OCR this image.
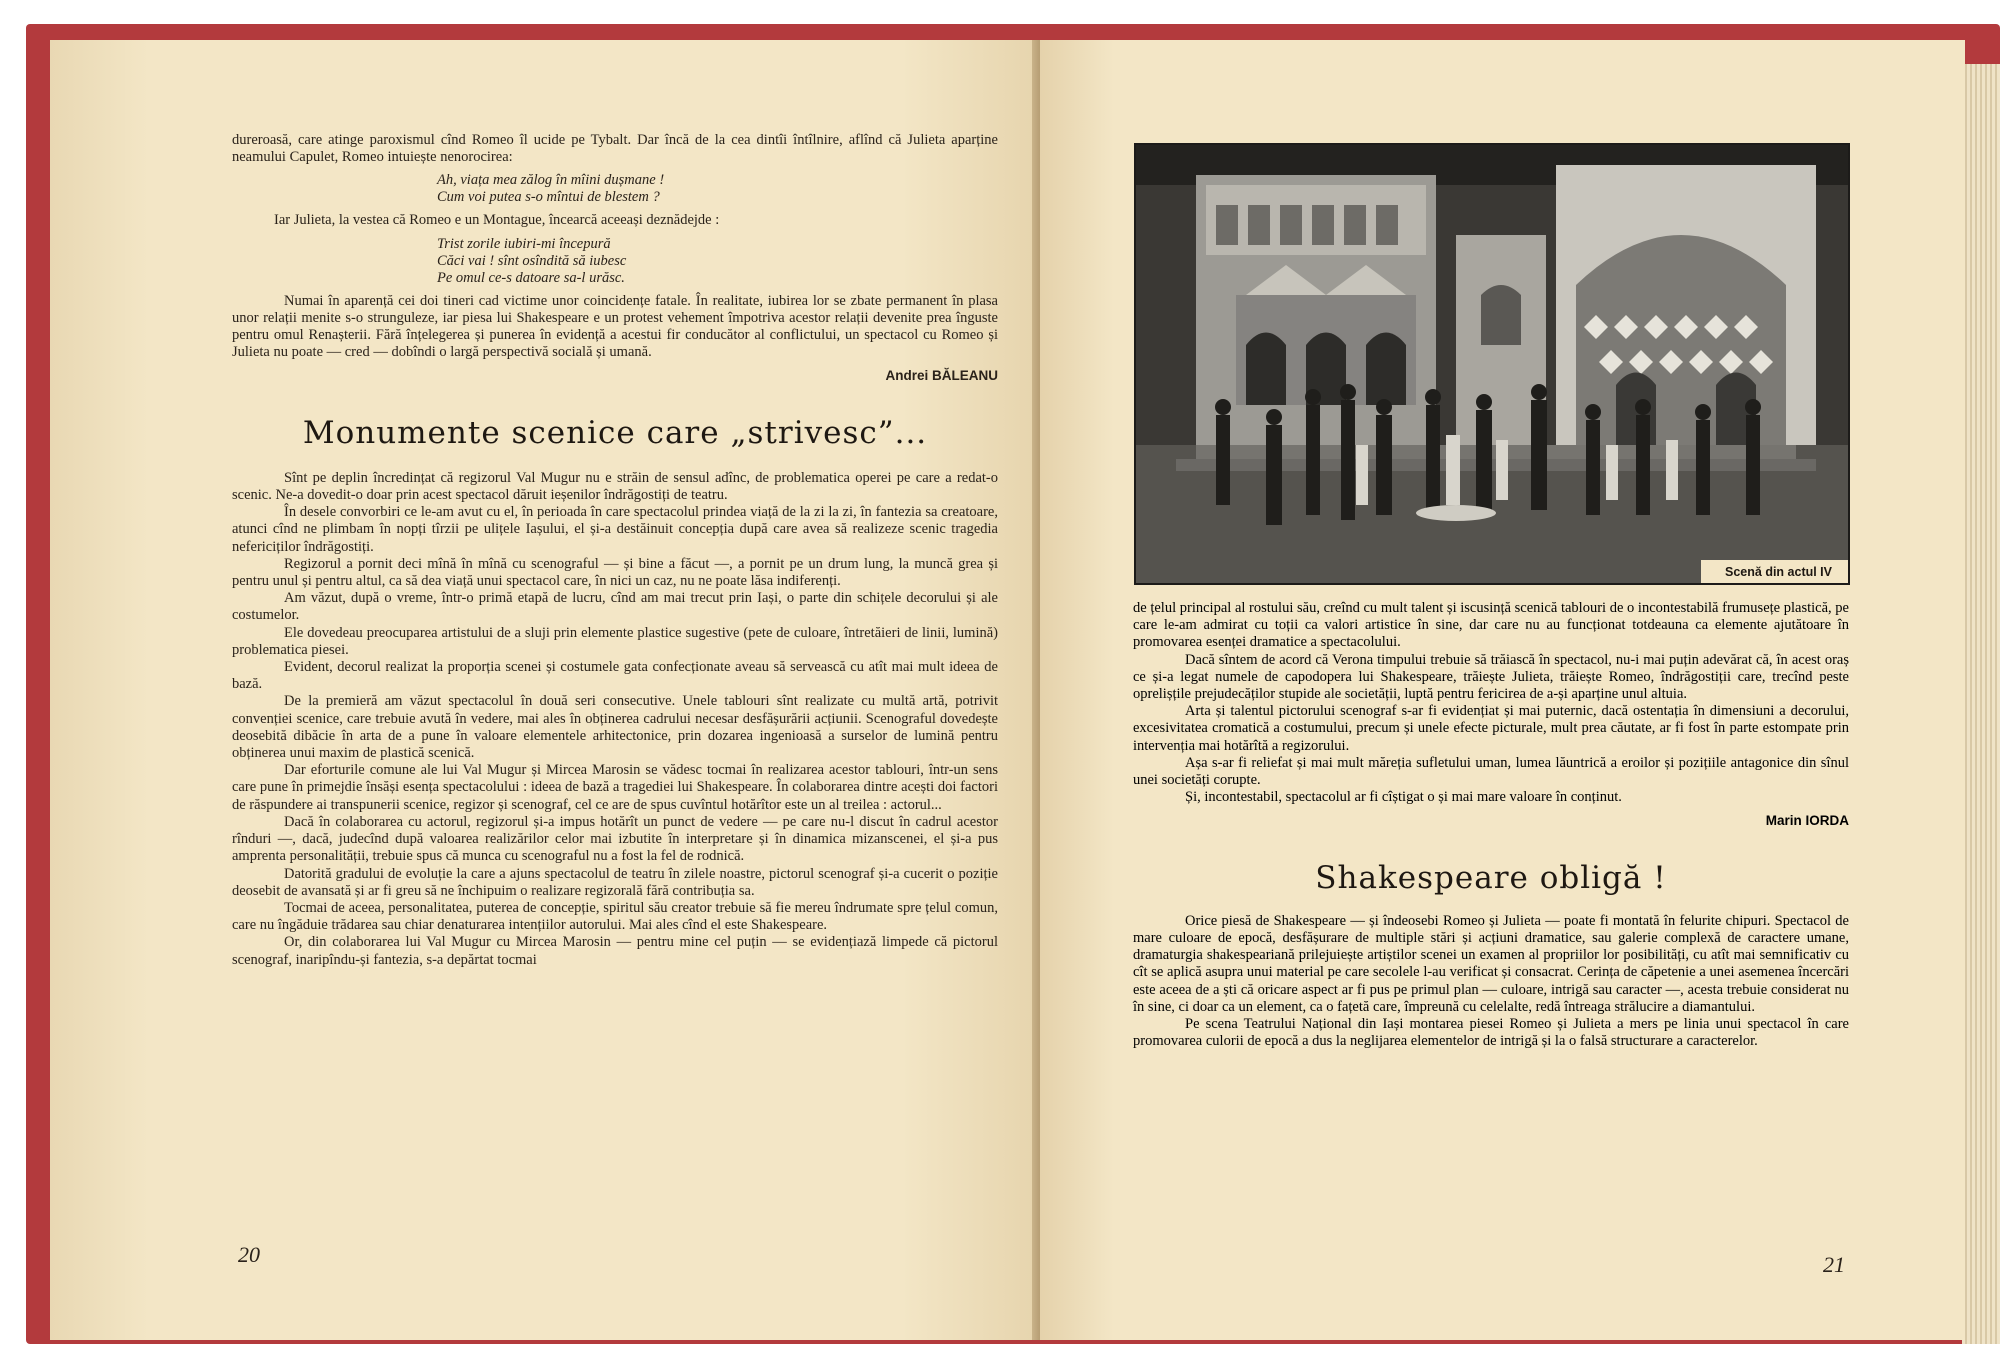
dureroasă, care atinge paroxismul cînd Romeo îl ucide pe Tybalt. Dar încă de la cea dintîi întîlnire, aflînd că Julieta aparține neamului Capulet, Romeo intuiește nenorocirea:

Ah, viața mea zălog în mîini dușmane !
Cum voi putea s-o mîntui de blestem ?

Iar Julieta, la vestea că Romeo e un Montague, încearcă aceeași deznădejde :

Trist zorile iubiri-mi începură
Căci vai ! sînt osîndită să iubesc
Pe omul ce-s datoare sa-l urăsc.

Numai în aparență cei doi tineri cad victime unor coincidențe fatale. În realitate, iubirea lor se zbate permanent în plasa unor relații menite s-o strunguleze, iar piesa lui Shakespeare e un protest vehement împotriva acestor relații devenite prea înguste pentru omul Renașterii. Fără înțelegerea și punerea în evidență a acestui fir conducător al conflictului, un spectacol cu Romeo și Julieta nu poate — cred — dobîndi o largă perspectivă socială și umană.

Andrei BĂLEANU
Monumente scenice care „strivesc”...

Sînt pe deplin încredințat că regizorul Val Mugur nu e străin de sensul adînc, de problematica operei pe care a redat-o scenic. Ne-a dovedit-o doar prin acest spectacol dăruit ieșenilor îndrăgostiți de teatru.

În desele convorbiri ce le-am avut cu el, în perioada în care spectacolul prindea viață de la zi la zi, în fantezia sa creatoare, atunci cînd ne plimbam în nopți tîrzii pe ulițele Iașului, el și-a destăinuit concepția după care avea să realizeze scenic tragedia nefericiților îndrăgostiți.

Regizorul a pornit deci mînă în mînă cu scenograful — și bine a făcut —, a pornit pe un drum lung, la muncă grea și pentru unul și pentru altul, ca să dea viață unui spectacol care, în nici un caz, nu ne poate lăsa indiferenți.

Am văzut, după o vreme, într-o primă etapă de lucru, cînd am mai trecut prin Iași, o parte din schițele decorului și ale costumelor.

Ele dovedeau preocuparea artistului de a sluji prin elemente plastice sugestive (pete de culoare, întretăieri de linii, lumină) problematica piesei.

Evident, decorul realizat la proporția scenei și costumele gata confecționate aveau să servească cu atît mai mult ideea de bază.

De la premieră am văzut spectacolul în două seri consecutive. Unele tablouri sînt realizate cu multă artă, potrivit convenției scenice, care trebuie avută în vedere, mai ales în obținerea cadrului necesar desfășurării acțiunii. Scenograful dovedește deosebită dibăcie în arta de a pune în valoare elementele arhitectonice, prin dozarea ingenioasă a surselor de lumină pentru obținerea unui maxim de plastică scenică.

Dar eforturile comune ale lui Val Mugur și Mircea Marosin se vădesc tocmai în realizarea acestor tablouri, într-un sens care pune în primejdie însăși esența spectacolului : ideea de bază a tragediei lui Shakespeare. În colaborarea dintre acești doi factori de răspundere ai transpunerii scenice, regizor și scenograf, cel ce are de spus cuvîntul hotărîtor este un al treilea : actorul...

Dacă în colaborarea cu actorul, regizorul și-a impus hotărît un punct de vedere — pe care nu-l discut în cadrul acestor rînduri —, dacă, judecînd după valoarea realizărilor celor mai izbutite în interpretare și în dinamica mizanscenei, el și-a pus amprenta personalității, trebuie spus că munca cu scenograful nu a fost la fel de rodnică.

Datorită gradului de evoluție la care a ajuns spectacolul de teatru în zilele noastre, pictorul scenograf și-a cucerit o poziție deosebit de avansată și ar fi greu să ne închipuim o realizare regizorală fără contribuția sa.

Tocmai de aceea, personalitatea, puterea de concepție, spiritul său creator trebuie să fie mereu îndrumate spre țelul comun, care nu îngăduie trădarea sau chiar denaturarea intențiilor autorului. Mai ales cînd el este Shakespeare.

Or, din colaborarea lui Val Mugur cu Mircea Marosin — pentru mine cel puțin — se evidențiază limpede că pictorul scenograf, inaripîndu-și fantezia, s-a depărtat tocmai

20	21
Scenă din actul IV

de țelul principal al rostului său, creînd cu mult talent și iscusință scenică tablouri de o incontestabilă frumusețe plastică, pe care le-am admirat cu toții ca valori artistice în sine, dar care nu au funcționat totdeauna ca elemente ajutătoare în promovarea esenței dramatice a spectacolului.

Dacă sîntem de acord că Verona timpului trebuie să trăiască în spectacol, nu-i mai puțin adevărat că, în acest oraș ce și-a legat numele de capodopera lui Shakespeare, trăiește Julieta, trăiește Romeo, îndrăgostiții care, trecînd peste oprelișțile prejudecăților stupide ale societății, luptă pentru fericirea de a-și aparține unul altuia.

Arta și talentul pictorului scenograf s-ar fi evidențiat și mai puternic, dacă ostentația în dimensiuni a decorului, excesivitatea cromatică a costumului, precum și unele efecte picturale, mult prea căutate, ar fi fost în parte estompate prin intervenția mai hotărîtă a regizorului.

Așa s-ar fi reliefat și mai mult măreția sufletului uman, lumea lăuntrică a eroilor și pozițiile antagonice din sînul unei societăți corupte.

Și, incontestabil, spectacolul ar fi cîștigat o și mai mare valoare în conținut.

Marin IORDA
Shakespeare obligă !

Orice piesă de Shakespeare — și îndeosebi Romeo și Julieta — poate fi montată în felurite chipuri. Spectacol de mare culoare de epocă, desfășurare de multiple stări și acțiuni dramatice, sau galerie complexă de caractere umane, dramaturgia shakespeariană prilejuiește artiștilor scenei un examen al propriilor lor posibilități, cu atît mai semnificativ cu cît se aplică asupra unui material pe care secolele l-au verificat și consacrat. Cerința de căpetenie a unei asemenea încercări este aceea de a ști că oricare aspect ar fi pus pe primul plan — culoare, intrigă sau caracter —, acesta trebuie considerat nu în sine, ci doar ca un element, ca o fațetă care, împreună cu celelalte, redă întreaga strălucire a diamantului.

Pe scena Teatrului Național din Iași montarea piesei Romeo și Julieta a mers pe linia unui spectacol în care promovarea culorii de epocă a dus la neglijarea elementelor de intrigă și la o falsă structurare a caracterelor.
